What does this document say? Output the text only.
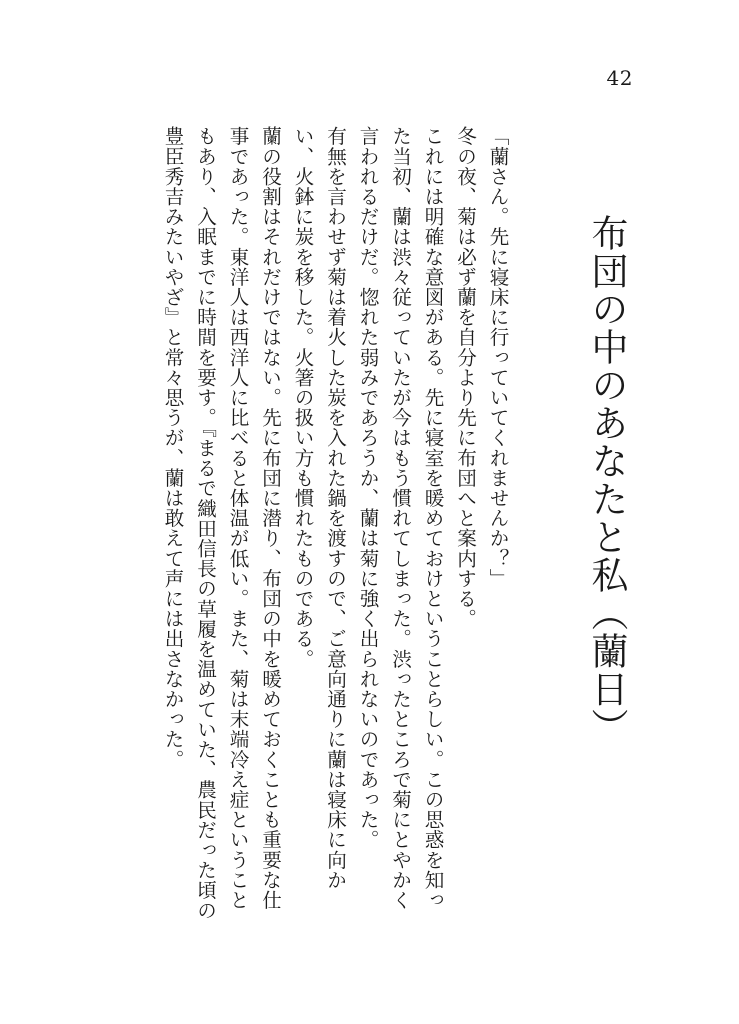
42
布団の中のあなたと私（蘭日）

「蘭さん。先に寝床に行っていてくれませんか？」

冬の夜、菊は必ず蘭を自分より先に布団へと案内する。

これには明確な意図がある。先に寝室を暖めておけということらしい。この思惑を知った当初、蘭は渋々従っていたが今はもう慣れてしまった。渋ったところで菊にとやかく言われるだけだ。惚れた弱みであろうか、蘭は菊に強く出られないのであった。

有無を言わせず菊は着火した炭を入れた鍋を渡すので、ご意向通りに蘭は寝床に向かい、火鉢に炭を移した。火箸の扱い方も慣れたものである。

蘭の役割はそれだけではない。先に布団に潜り、布団の中を暖めておくことも重要な仕事であった。東洋人は西洋人に比べると体温が低い。また、菊は末端冷え症ということもあり、入眠までに時間を要す。『まるで織田信長の草履を温めていた、農民だった頃の豊臣秀吉みたいやざ』と常々思うが、蘭は敢えて声には出さなかった。
